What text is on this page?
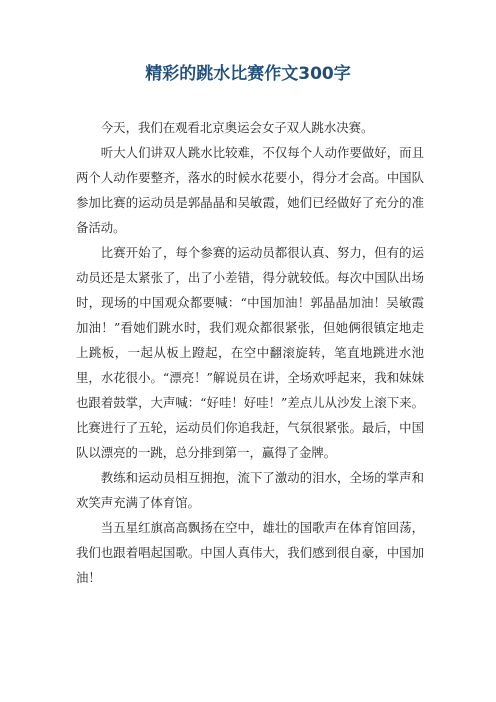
精彩的跳水比赛作文300字

今天，我们在观看北京奥运会女子双人跳水决赛。

听大人们讲双人跳水比较难，不仅每个人动作要做好，而且两个人动作要整齐，落水的时候水花要小，得分才会高。中国队参加比赛的运动员是郭晶晶和吴敏霞，她们已经做好了充分的准备活动。

比赛开始了，每个参赛的运动员都很认真、努力，但有的运动员还是太紧张了，出了小差错，得分就较低。每次中国队出场时，现场的中国观众都要喊：“中国加油！郭晶晶加油！吴敏霞加油！”看她们跳水时，我们观众都很紧张，但她俩很镇定地走上跳板，一起从板上蹬起，在空中翻滚旋转，笔直地跳进水池里，水花很小。“漂亮！”解说员在讲，全场欢呼起来，我和妹妹也跟着鼓掌，大声喊：“好哇！好哇！”差点儿从沙发上滚下来。比赛进行了五轮，运动员们你追我赶，气氛很紧张。最后，中国队以漂亮的一跳，总分排到第一，赢得了金牌。

教练和运动员相互拥抱，流下了激动的泪水，全场的掌声和欢笑声充满了体育馆。

当五星红旗高高飘扬在空中，雄壮的国歌声在体育馆回荡，我们也跟着唱起国歌。中国人真伟大，我们感到很自豪，中国加油！
